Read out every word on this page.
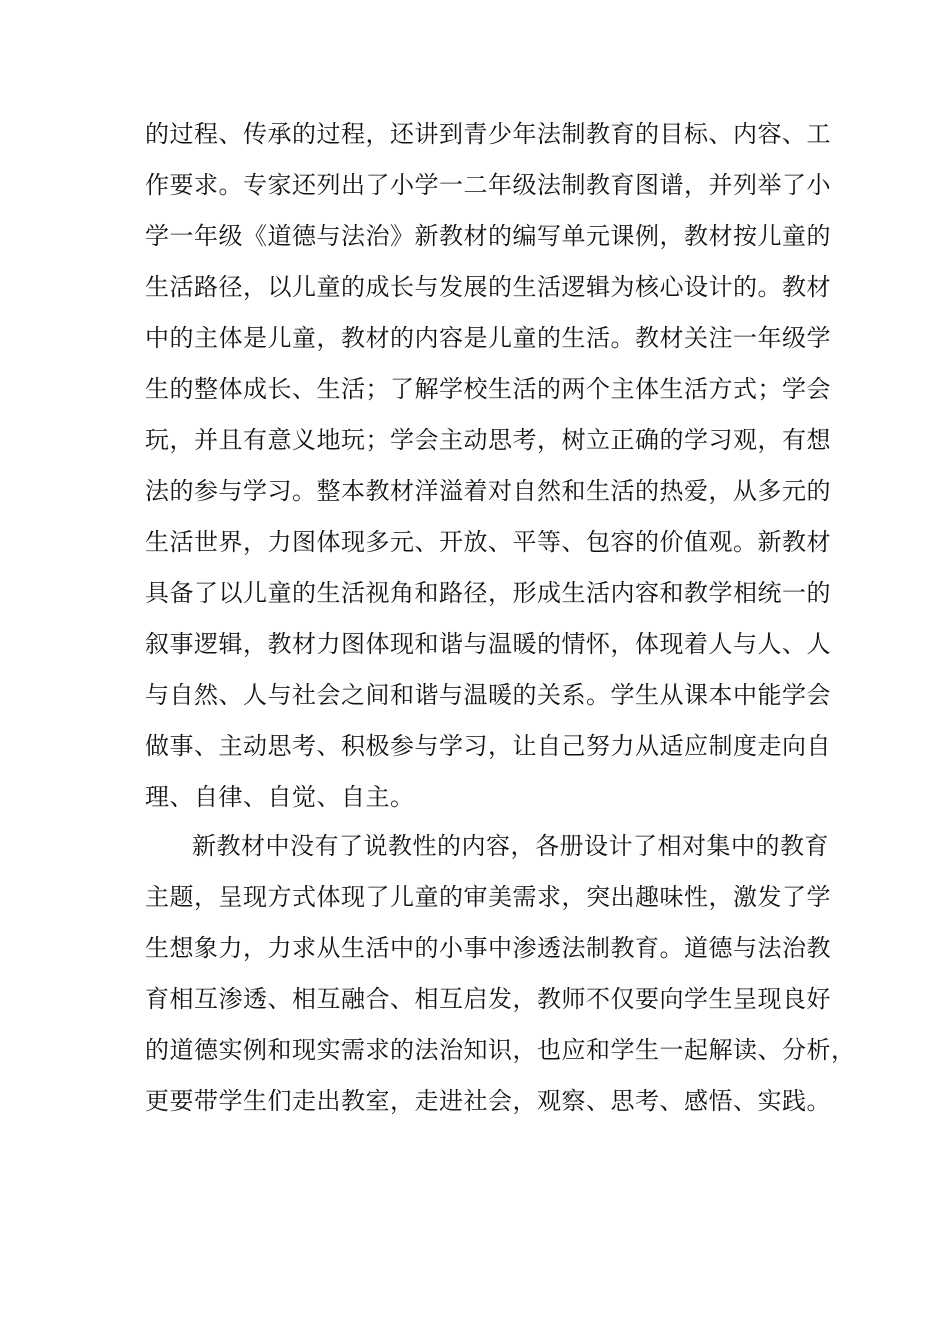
的过程、传承的过程，还讲到青少年法制教育的目标、内容、工
作要求。专家还列出了小学一二年级法制教育图谱，并列举了小
学一年级《道德与法治》新教材的编写单元课例，教材按儿童的
生活路径，以儿童的成长与发展的生活逻辑为核心设计的。教材
中的主体是儿童，教材的内容是儿童的生活。教材关注一年级学
生的整体成长、生活；了解学校生活的两个主体生活方式；学会
玩，并且有意义地玩；学会主动思考，树立正确的学习观，有想
法的参与学习。整本教材洋溢着对自然和生活的热爱，从多元的
生活世界，力图体现多元、开放、平等、包容的价值观。新教材
具备了以儿童的生活视角和路径，形成生活内容和教学相统一的
叙事逻辑，教材力图体现和谐与温暖的情怀，体现着人与人、人
与自然、人与社会之间和谐与温暖的关系。学生从课本中能学会
做事、主动思考、积极参与学习，让自己努力从适应制度走向自
理、自律、自觉、自主。
新教材中没有了说教性的内容，各册设计了相对集中的教育
主题，呈现方式体现了儿童的审美需求，突出趣味性，激发了学
生想象力，力求从生活中的小事中渗透法制教育。道德与法治教
育相互渗透、相互融合、相互启发，教师不仅要向学生呈现良好
的道德实例和现实需求的法治知识，也应和学生一起解读、分析，
更要带学生们走出教室，走进社会，观察、思考、感悟、实践。
